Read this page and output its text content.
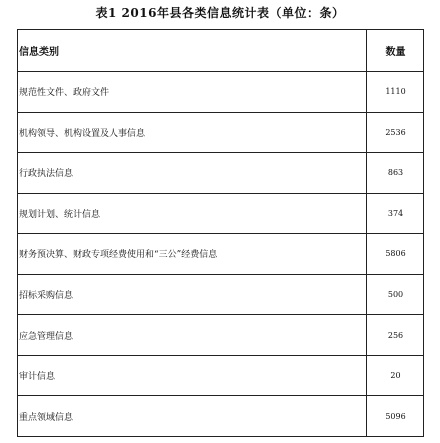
表1 2016年县各类信息统计表（单位：条）
信息类别	数量
规范性文件、政府文件	1110
机构领导、机构设置及人事信息	2536
行政执法信息	863
规划计划、统计信息	374
财务预决算、财政专项经费使用和“三公”经费信息	5806
招标采购信息	500
应急管理信息	256
审计信息	20
重点领域信息	5096
